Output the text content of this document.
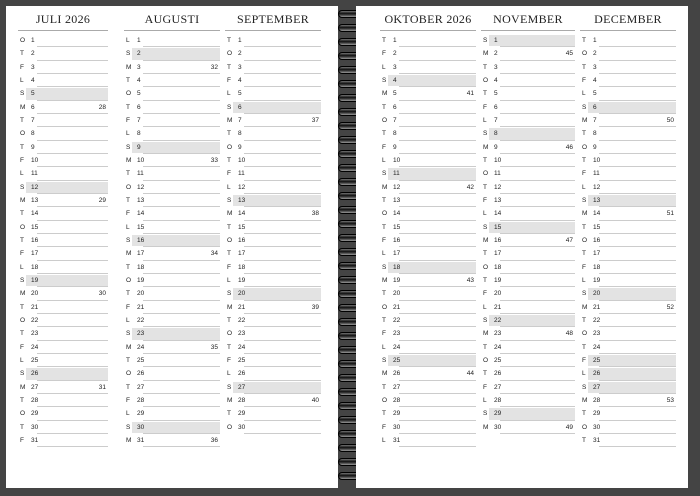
JULI 2026
O 1
T 2
F 3
L 4
S 5
M 6	28
T 7
O 8
T 9
F 10
L 11
S 12
M 13	29
T 14
O 15
T 16
F 17
L 18
S 19
M 20	30
T 21
O 22
T 23
F 24
L 25
S 26
M 27	31
T 28
O 29
T 30
F 31
AUGUSTI
L 1
S 2
M 3	32
T 4
O 5
T 6
F 7
L 8
S 9
M 10	33
T 11
O 12
T 13
F 14
L 15
S 16
M 17	34
T 18
O 19
T 20
F 21
L 22
S 23
M 24	35
T 25
O 26
T 27
F 28
L 29
S 30
M 31	36
SEPTEMBER
T 1
O 2
T 3
F 4
L 5
S 6
M 7	37
T 8
O 9
T 10
F 11
L 12
S 13
M 14	38
T 15
O 16
T 17
F 18
L 19
S 20
M 21	39
T 22
O 23
T 24
F 25
L 26
S 27
M 28	40
T 29
O 30
OKTOBER 2026
T 1
F 2
L 3
S 4
M 5	41
T 6
O 7
T 8
F 9
L 10
S 11
M 12	42
T 13
O 14
T 15
F 16
L 17
S 18
M 19	43
T 20
O 21
T 22
F 23
L 24
S 25
M 26	44
T 27
O 28
T 29
F 30
L 31
NOVEMBER
S 1
M 2	45
T 3
O 4
T 5
F 6
L 7
S 8
M 9	46
T 10
O 11
T 12
F 13
L 14
S 15
M 16	47
T 17
O 18
T 19
F 20
L 21
S 22
M 23	48
T 24
O 25
T 26
F 27
L 28
S 29
M 30	49
DECEMBER
T 1
O 2
T 3
F 4
L 5
S 6
M 7	50
T 8
O 9
T 10
F 11
L 12
S 13
M 14	51
T 15
O 16
T 17
F 18
L 19
S 20
M 21	52
T 22
O 23
T 24
F 25
L 26
S 27
M 28	53
T 29
O 30
T 31
